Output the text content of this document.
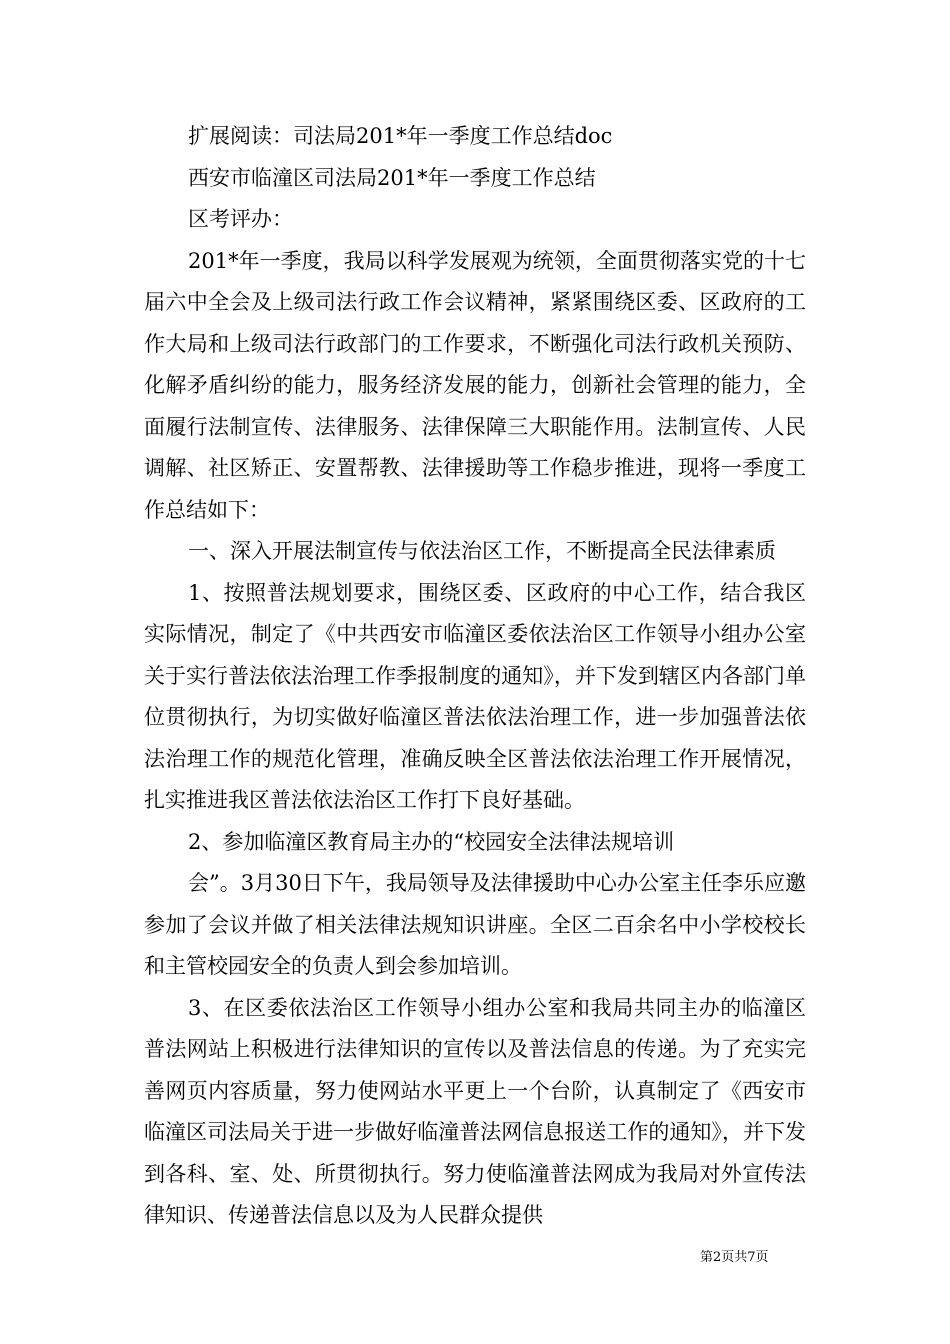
扩展阅读：司法局201*年一季度工作总结doc
西安市临潼区司法局201*年一季度工作总结
区考评办：
201*年一季度，我局以科学发展观为统领，全面贯彻落实党的十七届六中全会及上级司法行政工作会议精神，紧紧围绕区委、区政府的工作大局和上级司法行政部门的工作要求，不断强化司法行政机关预防、化解矛盾纠纷的能力，服务经济发展的能力，创新社会管理的能力，全面履行法制宣传、法律服务、法律保障三大职能作用。法制宣传、人民调解、社区矫正、安置帮教、法律援助等工作稳步推进，现将一季度工作总结如下：
一、深入开展法制宣传与依法治区工作，不断提高全民法律素质
1、按照普法规划要求，围绕区委、区政府的中心工作，结合我区实际情况，制定了《中共西安市临潼区委依法治区工作领导小组办公室关于实行普法依法治理工作季报制度的通知》，并下发到辖区内各部门单位贯彻执行，为切实做好临潼区普法依法治理工作，进一步加强普法依法治理工作的规范化管理，准确反映全区普法依法治理工作开展情况，扎实推进我区普法依法治区工作打下良好基础。
2、参加临潼区教育局主办的“校园安全法律法规培训
会”。3月30日下午，我局领导及法律援助中心办公室主任李乐应邀参加了会议并做了相关法律法规知识讲座。全区二百余名中小学校校长和主管校园安全的负责人到会参加培训。
3、在区委依法治区工作领导小组办公室和我局共同主办的临潼区普法网站上积极进行法律知识的宣传以及普法信息的传递。为了充实完善网页内容质量，努力使网站水平更上一个台阶，认真制定了《西安市临潼区司法局关于进一步做好临潼普法网信息报送工作的通知》，并下发到各科、室、处、所贯彻执行。努力使临潼普法网成为我局对外宣传法律知识、传递普法信息以及为人民群众提供
第2页共7页
